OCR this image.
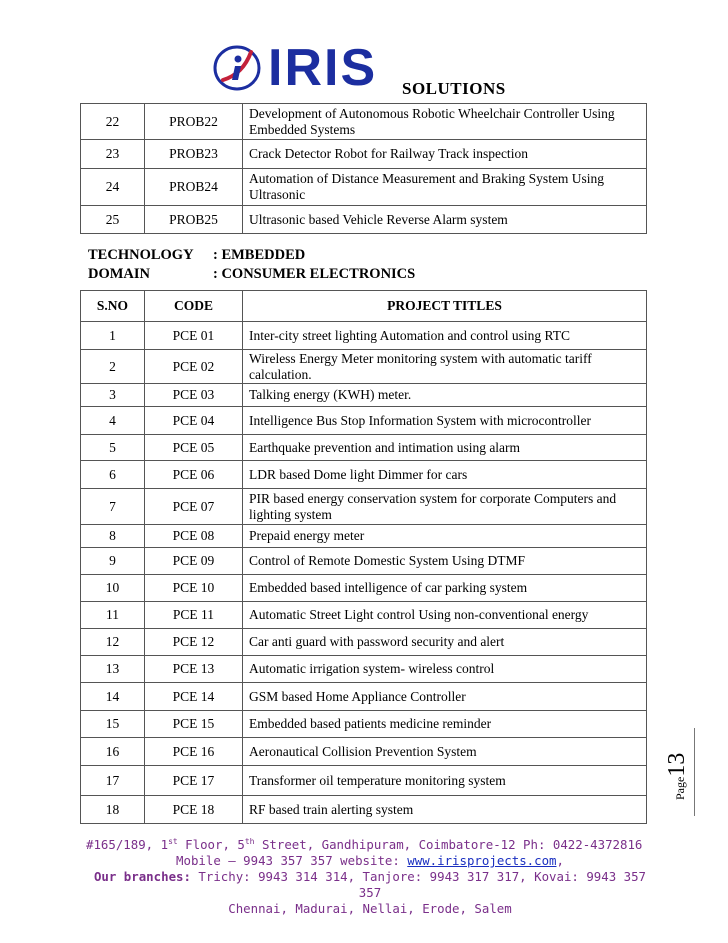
IRIS SOLUTIONS
22	PROB22	Development of Autonomous Robotic Wheelchair Controller Using Embedded Systems
23	PROB23	Crack Detector Robot for Railway Track inspection
24	PROB24	Automation of Distance Measurement and Braking System Using Ultrasonic
25	PROB25	Ultrasonic based Vehicle Reverse Alarm system
TECHNOLOGY : EMBEDDED
DOMAIN	: CONSUMER ELECTRONICS
S.NO	CODE	PROJECT TITLES
1	PCE 01	Inter-city street lighting Automation and control using RTC
2	PCE 02	Wireless Energy Meter monitoring system with automatic tariff calculation.
3	PCE 03	Talking energy (KWH) meter.
4	PCE 04	Intelligence Bus Stop Information System with microcontroller
5	PCE 05	Earthquake prevention and intimation using alarm
6	PCE 06	LDR based Dome light Dimmer for cars
7	PCE 07	PIR based energy conservation system for corporate Computers and lighting system
8	PCE 08	Prepaid energy meter
9	PCE 09	Control of Remote Domestic System Using DTMF
10	PCE 10	Embedded based intelligence of car parking system
11	PCE 11	Automatic Street Light control Using non-conventional energy
12	PCE 12	Car anti guard with password security and alert
13	PCE 13	Automatic irrigation system- wireless control
14	PCE 14	GSM based Home Appliance Controller
15	PCE 15	Embedded based patients medicine reminder
16	PCE 16	Aeronautical Collision Prevention System
17	PCE 17	Transformer oil temperature monitoring system
18	PCE 18	RF based train alerting system
Page13
#165/189, 1st Floor, 5th Street, Gandhipuram, Coimbatore-12 Ph: 0422-4372816
Mobile – 9943 357 357 website: www.irisprojects.com,
Our branches: Trichy: 9943 314 314, Tanjore: 9943 317 317, Kovai: 9943 357 357
Chennai, Madurai, Nellai, Erode, Salem
